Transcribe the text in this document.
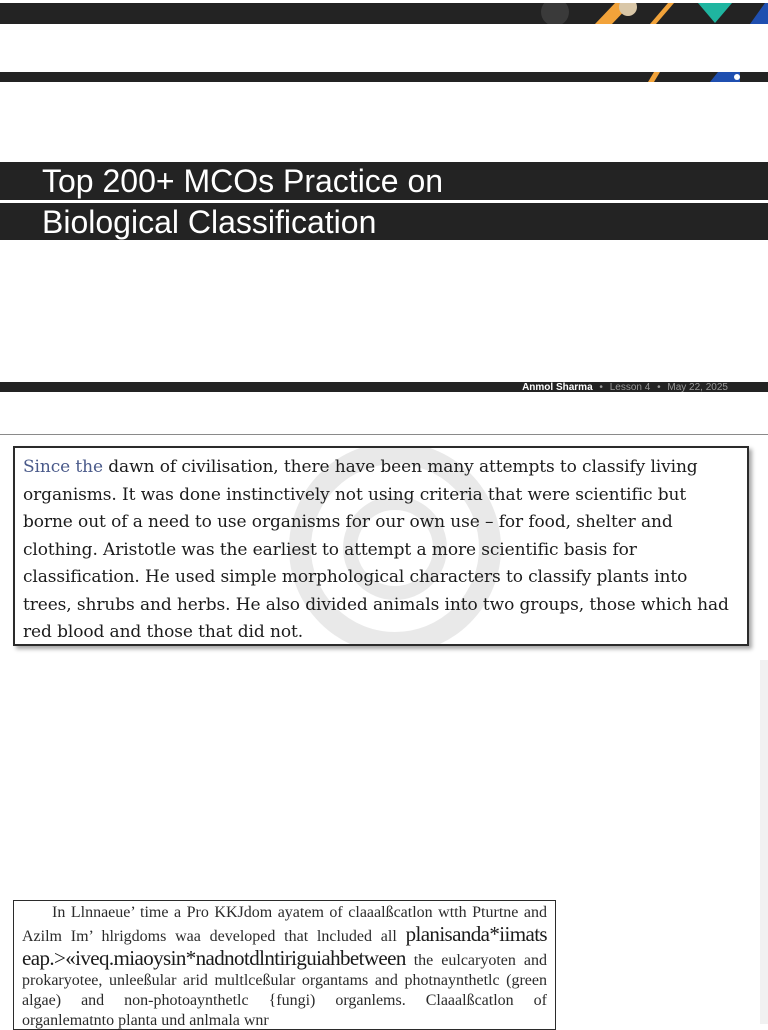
Top 200+ MCOs Practice on
Biological Classification
Anmol Sharma • Lesson 4 • May 22, 2025

Since the dawn of civilisation, there have been many attempts to classify living organisms. It was done instinctively not using criteria that were scientific but borne out of a need to use organisms for our own use – for food, shelter and clothing. Aristotle was the earliest to attempt a more scientific basis for classification. He used simple morphological characters to classify plants into trees, shrubs and herbs. He also divided animals into two groups, those which had red blood and those that did not.

In Llnnaeue’ time a Pro KKJdom ayatem of claaalßcatlon wtth Pturtne and Azilm Im’ hlrigdoms waa developed that lncluded all planisanda*iimats eap.>«iveq.miaoysin*nadnotdlntiriguiahbetween the eulcaryoten and prokaryotee, unleeßular arid multlceßular organtams and photnaynthetlc (green algae) and non-photoaynthetlc {fungi) organlems. Claaalßcatlon of organlematnto planta und anlmala wnr
